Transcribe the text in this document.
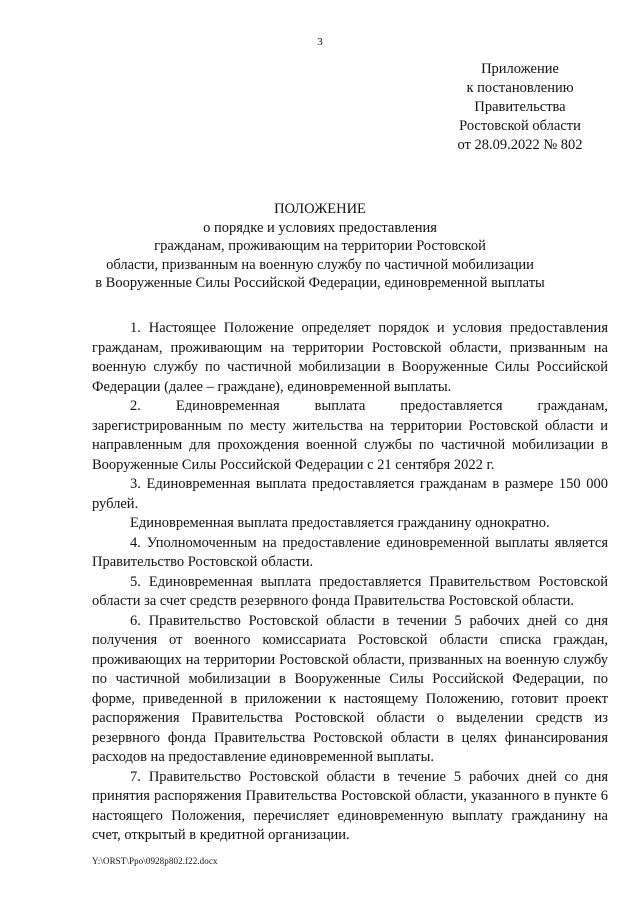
3
Приложение
к постановлению
Правительства
Ростовской области
от 28.09.2022 № 802
ПОЛОЖЕНИЕ
о порядке и условиях предоставления
гражданам, проживающим на территории Ростовской
области, призванным на военную службу по частичной мобилизации
в Вооруженные Силы Российской Федерации, единовременной выплаты

1. Настоящее Положение определяет порядок и условия предоставления гражданам, проживающим на территории Ростовской области, призванным на военную службу по частичной мобилизации в Вооруженные Силы Российской Федерации (далее – граждане), единовременной выплаты.

2. Единовременная выплата предоставляется гражданам, зарегистрированным по месту жительства на территории Ростовской области и направленным для прохождения военной службы по частичной мобилизации в Вооруженные Силы Российской Федерации с 21 сентября 2022 г.

3. Единовременная выплата предоставляется гражданам в размере 150 000 рублей.

Единовременная выплата предоставляется гражданину однократно.

4. Уполномоченным на предоставление единовременной выплаты является Правительство Ростовской области.

5. Единовременная выплата предоставляется Правительством Ростовской области за счет средств резервного фонда Правительства Ростовской области.

6. Правительство Ростовской области в течении 5 рабочих дней со дня получения от военного комиссариата Ростовской области списка граждан, проживающих на территории Ростовской области, призванных на военную службу по частичной мобилизации в Вооруженные Силы Российской Федерации, по форме, приведенной в приложении к настоящему Положению, готовит проект распоряжения Правительства Ростовской области о выделении средств из резервного фонда Правительства Ростовской области в целях финансирования расходов на предоставление единовременной выплаты.

7. Правительство Ростовской области в течение 5 рабочих дней со дня принятия распоряжения Правительства Ростовской области, указанного в пункте 6 настоящего Положения, перечисляет единовременную выплату гражданину на счет, открытый в кредитной организации.

Y:\ORST\Ppo\0928p802.f22.docx
